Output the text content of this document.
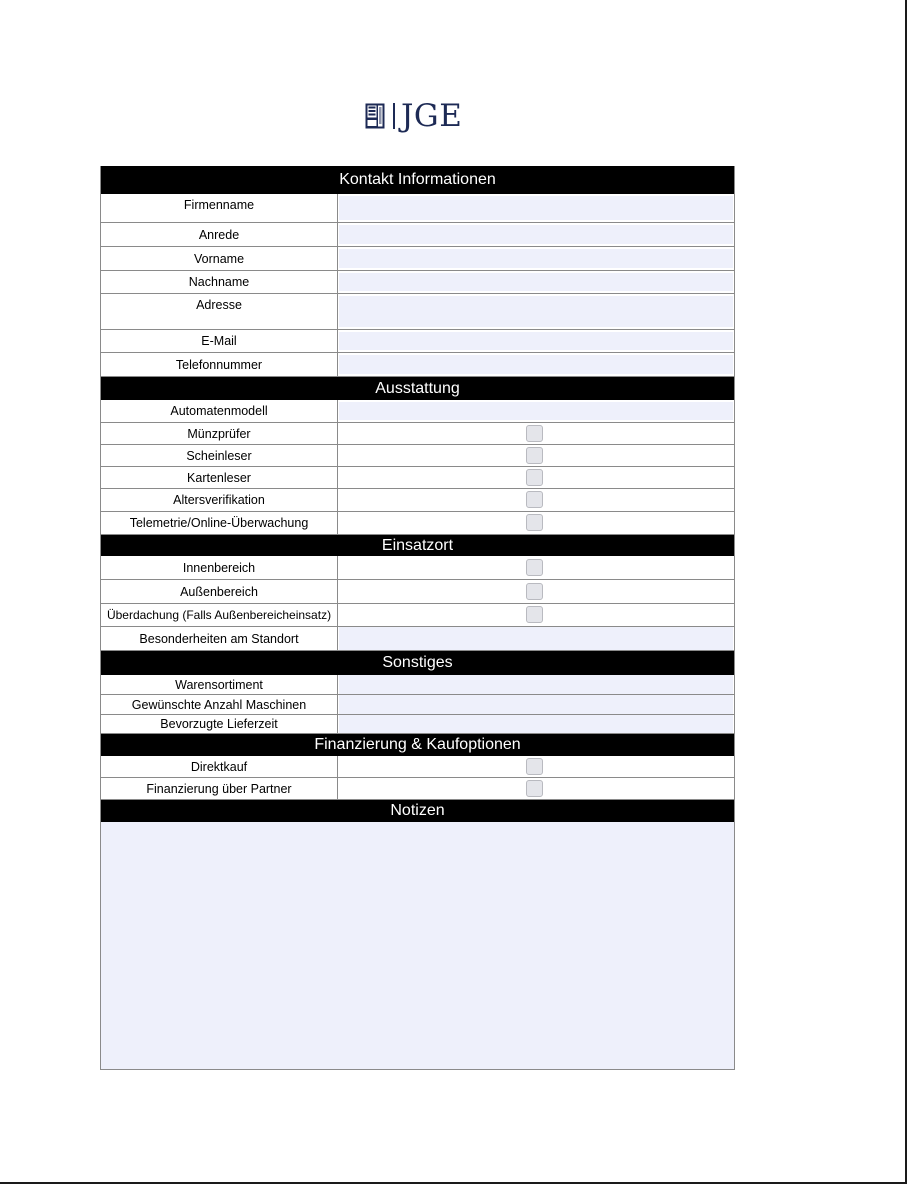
JGE
Kontakt Informationen
Firmenname
Anrede
Vorname
Nachname
Adresse
E-Mail
Telefonnummer
Ausstattung
Automatenmodell
Münzprüfer
Scheinleser
Kartenleser
Altersverifikation
Telemetrie/Online-Überwachung
Einsatzort
Innenbereich
Außenbereich
Überdachung (Falls Außenbereicheinsatz)
Besonderheiten am Standort
Sonstiges
Warensortiment
Gewünschte Anzahl Maschinen
Bevorzugte Lieferzeit
Finanzierung & Kaufoptionen
Direktkauf
Finanzierung über Partner
Notizen
